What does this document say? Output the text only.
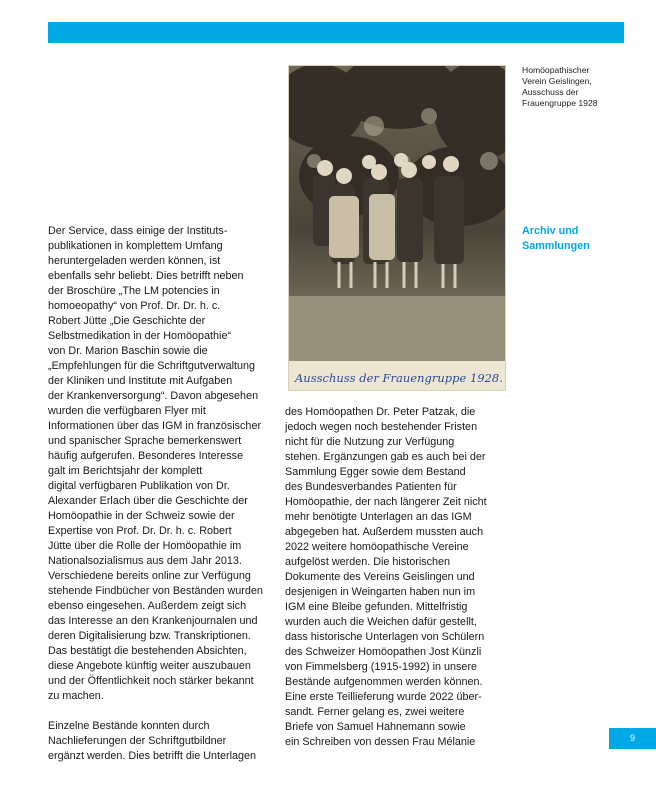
Ausschuss der Frauengruppe 1928.
Homöopathischer
Verein Geislingen,
Ausschuss der
Frauengruppe 1928
Archiv und
Sammlungen

Der Service, dass einige der Instituts-
publikationen in komplettem Umfang
heruntergeladen werden können, ist
ebenfalls sehr beliebt. Dies betrifft neben
der Broschüre „The LM potencies in
homoeopathy“ von Prof. Dr. Dr. h. c.
Robert Jütte „Die Geschichte der
Selbstmedikation in der Homöopathie“
von Dr. Marion Baschin sowie die
„Empfehlungen für die Schriftgutverwaltung
der Kliniken und Institute mit Aufgaben
der Krankenversorgung“. Davon abgesehen
wurden die verfügbaren Flyer mit
Informationen über das IGM in französischer
und spanischer Sprache bemerkenswert
häufig aufgerufen. Besonderes Interesse
galt im Berichtsjahr der komplett
digital verfügbaren Publikation von Dr.
Alexander Erlach über die Geschichte der
Homöopathie in der Schweiz sowie der
Expertise von Prof. Dr. Dr. h. c. Robert
Jütte über die Rolle der Homöopathie im
Nationalsozialismus aus dem Jahr 2013.
Verschiedene bereits online zur Verfügung
stehende Findbücher von Beständen wurden
ebenso eingesehen. Außerdem zeigt sich
das Interesse an den Krankenjournalen und
deren Digitalisierung bzw. Transkriptionen.
Das bestätigt die bestehenden Absichten,
diese Angebote künftig weiter auszubauen
und der Öffentlichkeit noch stärker bekannt
zu machen.

Einzelne Bestände konnten durch
Nachlieferungen der Schriftgutbildner
ergänzt werden. Dies betrifft die Unterlagen

des Homöopathen Dr. Peter Patzak, die
jedoch wegen noch bestehender Fristen
nicht für die Nutzung zur Verfügung
stehen. Ergänzungen gab es auch bei der
Sammlung Egger sowie dem Bestand
des Bundesverbandes Patienten für
Homöopathie, der nach längerer Zeit nicht
mehr benötigte Unterlagen an das IGM
abgegeben hat. Außerdem mussten auch
2022 weitere homöopathische Vereine
aufgelöst werden. Die historischen
Dokumente des Vereins Geislingen und
desjenigen in Weingarten haben nun im
IGM eine Bleibe gefunden. Mittelfristig
wurden auch die Weichen dafür gestellt,
dass historische Unterlagen von Schülern
des Schweizer Homöopathen Jost Künzli
von Fimmelsberg (1915-1992) in unsere
Bestände aufgenommen werden können.
Eine erste Teillieferung wurde 2022 über-
sandt. Ferner gelang es, zwei weitere
Briefe von Samuel Hahnemann sowie
ein Schreiben von dessen Frau Mélanie	9
